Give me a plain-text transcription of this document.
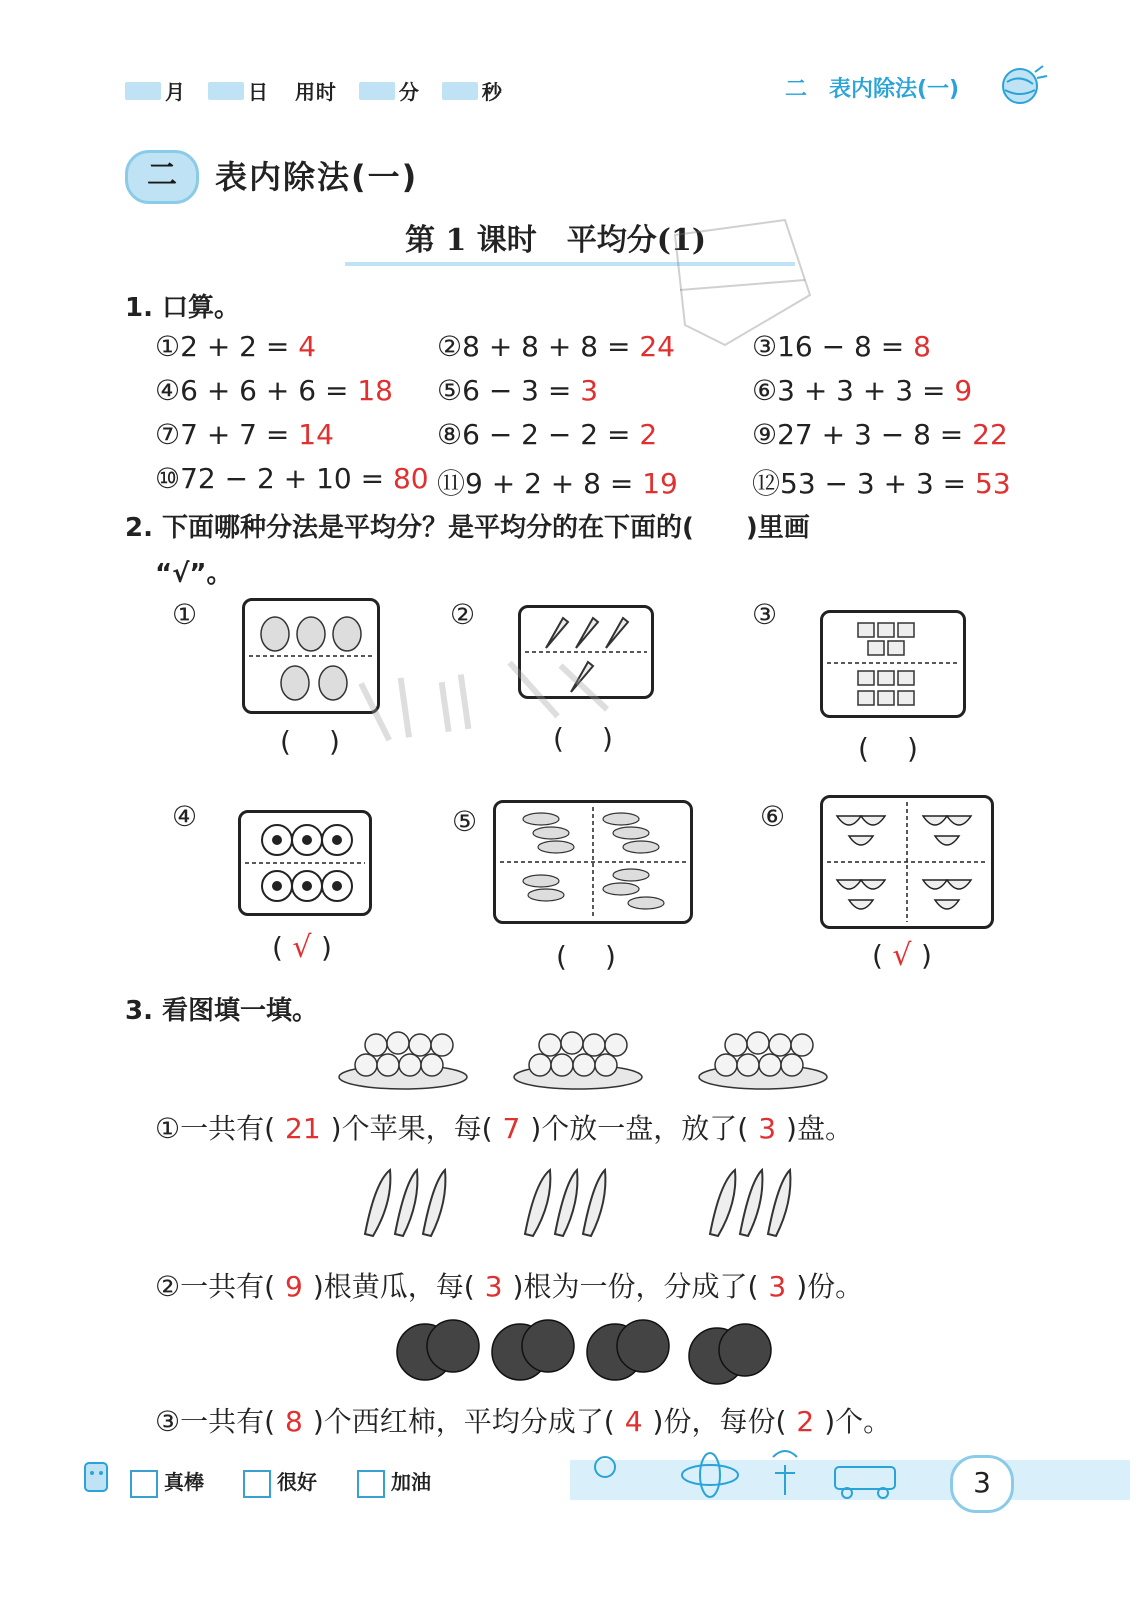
月	日 用时	分	秒	二　表内除法(一)
二	表内除法(一)
第 1 课时　平均分(1)
1. 口算。
①2 + 2 = 4	②8 + 8 + 8 = 24	③16 − 8 = 8
④6 + 6 + 6 = 18 ⑤6 − 3 = 3	⑥3 + 3 + 3 = 9
⑦7 + 7 = 14	⑧6 − 2 − 2 = 2	⑨27 + 3 − 8 = 22
⑩72 − 2 + 10 = 80 ⑪9 + 2 + 8 = 19	⑫53 − 3 + 3 = 53
2. 下面哪种分法是平均分？是平均分的在下面的(　　)里画
“√”。
①	②	③
④	⑤	⑥
( )	( )	( )
( √ )	( )	( √ )
3. 看图填一填。
①一共有( 21 )个苹果，每( 7 )个放一盘，放了( 3 )盘。
②一共有( 9 )根黄瓜，每( 3 )根为一份，分成了( 3 )份。
③一共有( 8 )个西红柿，平均分成了( 4 )份，每份( 2 )个。
真棒	很好	加油	3
